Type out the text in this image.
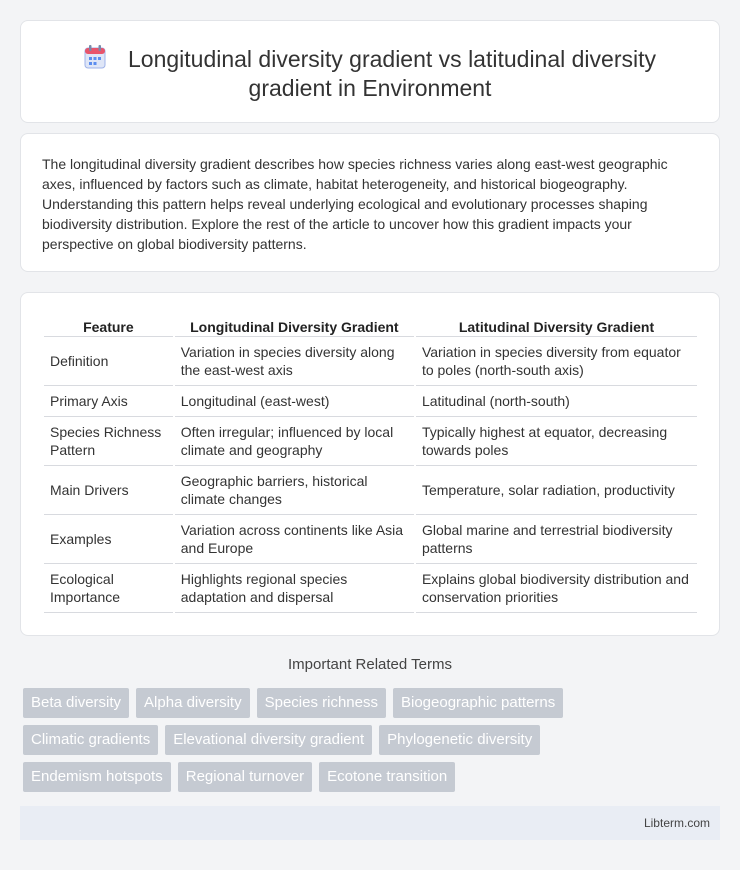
Longitudinal diversity gradient vs latitudinal diversity gradient in Environment

The longitudinal diversity gradient describes how species richness varies along east-west geographic axes, influenced by factors such as climate, habitat heterogeneity, and historical biogeography. Understanding this pattern helps reveal underlying ecological and evolutionary processes shaping biodiversity distribution. Explore the rest of the article to uncover how this gradient impacts your perspective on global biodiversity patterns.

Feature	Longitudinal Diversity Gradient	Latitudinal Diversity Gradient
Definition	Variation in species diversity along the east-west axis	Variation in species diversity from equator to poles (north-south axis)
Primary Axis	Longitudinal (east-west)	Latitudinal (north-south)
Species Richness Pattern	Often irregular; influenced by local climate and geography	Typically highest at equator, decreasing towards poles
Main Drivers	Geographic barriers, historical climate changes	Temperature, solar radiation, productivity
Examples	Variation across continents like Asia and Europe	Global marine and terrestrial biodiversity patterns
Ecological Importance	Highlights regional species adaptation and dispersal	Explains global biodiversity distribution and conservation priorities
Important Related Terms
Beta diversity	Alpha diversity	Species richness	Biogeographic patterns
Climatic gradients	Elevational diversity gradient	Phylogenetic diversity
Endemism hotspots	Regional turnover	Ecotone transition
Libterm.com
